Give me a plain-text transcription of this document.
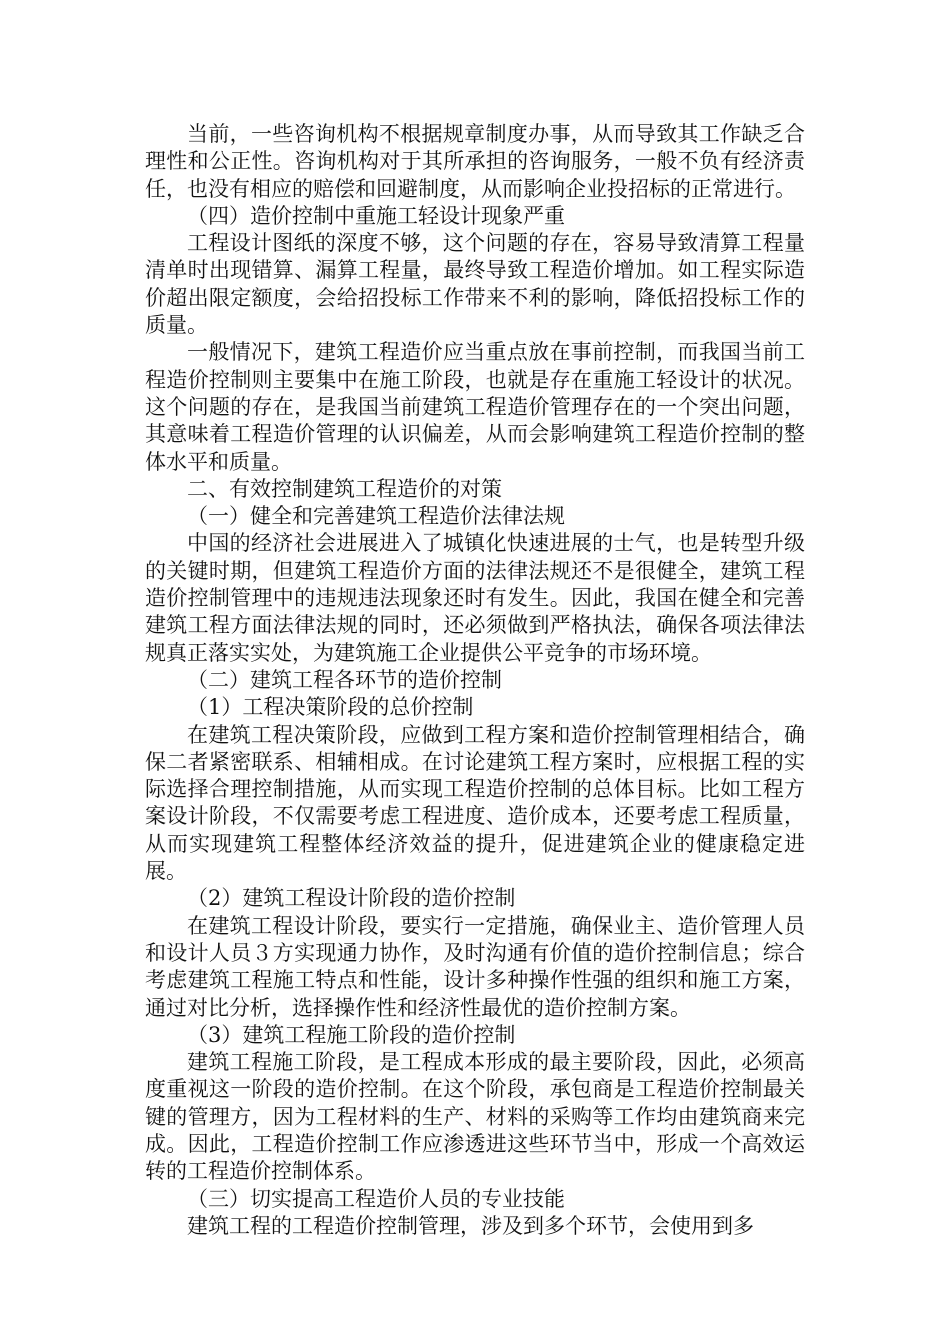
当前，一些咨询机构不根据规章制度办事，从而导致其工作缺乏合理性和公正性。咨询机构对于其所承担的咨询服务，一般不负有经济责任，也没有相应的赔偿和回避制度，从而影响企业投招标的正常进行。

（四）造价控制中重施工轻设计现象严重

工程设计图纸的深度不够，这个问题的存在，容易导致清算工程量清单时出现错算、漏算工程量，最终导致工程造价增加。如工程实际造价超出限定额度，会给招投标工作带来不利的影响，降低招投标工作的质量。

一般情况下，建筑工程造价应当重点放在事前控制，而我国当前工程造价控制则主要集中在施工阶段，也就是存在重施工轻设计的状况。这个问题的存在，是我国当前建筑工程造价管理存在的一个突出问题，其意味着工程造价管理的认识偏差，从而会影响建筑工程造价控制的整体水平和质量。

二、有效控制建筑工程造价的对策

（一）健全和完善建筑工程造价法律法规

中国的经济社会进展进入了城镇化快速进展的士气，也是转型升级的关键时期，但建筑工程造价方面的法律法规还不是很健全，建筑工程造价控制管理中的违规违法现象还时有发生。因此，我国在健全和完善建筑工程方面法律法规的同时，还必须做到严格执法，确保各项法律法规真正落实实处，为建筑施工企业提供公平竞争的市场环境。

（二）建筑工程各环节的造价控制

（1）工程决策阶段的总价控制

在建筑工程决策阶段，应做到工程方案和造价控制管理相结合，确保二者紧密联系、相辅相成。在讨论建筑工程方案时，应根据工程的实际选择合理控制措施，从而实现工程造价控制的总体目标。比如工程方案设计阶段，不仅需要考虑工程进度、造价成本，还要考虑工程质量，从而实现建筑工程整体经济效益的提升，促进建筑企业的健康稳定进展。

（2）建筑工程设计阶段的造价控制

在建筑工程设计阶段，要实行一定措施，确保业主、造价管理人员和设计人员３方实现通力协作，及时沟通有价值的造价控制信息；综合考虑建筑工程施工特点和性能，设计多种操作性强的组织和施工方案，通过对比分析，选择操作性和经济性最优的造价控制方案。

（3）建筑工程施工阶段的造价控制

建筑工程施工阶段，是工程成本形成的最主要阶段，因此，必须高度重视这一阶段的造价控制。在这个阶段，承包商是工程造价控制最关键的管理方，因为工程材料的生产、材料的采购等工作均由建筑商来完成。因此，工程造价控制工作应渗透进这些环节当中，形成一个高效运转的工程造价控制体系。

（三）切实提高工程造价人员的专业技能

建筑工程的工程造价控制管理，涉及到多个环节，会使用到多
